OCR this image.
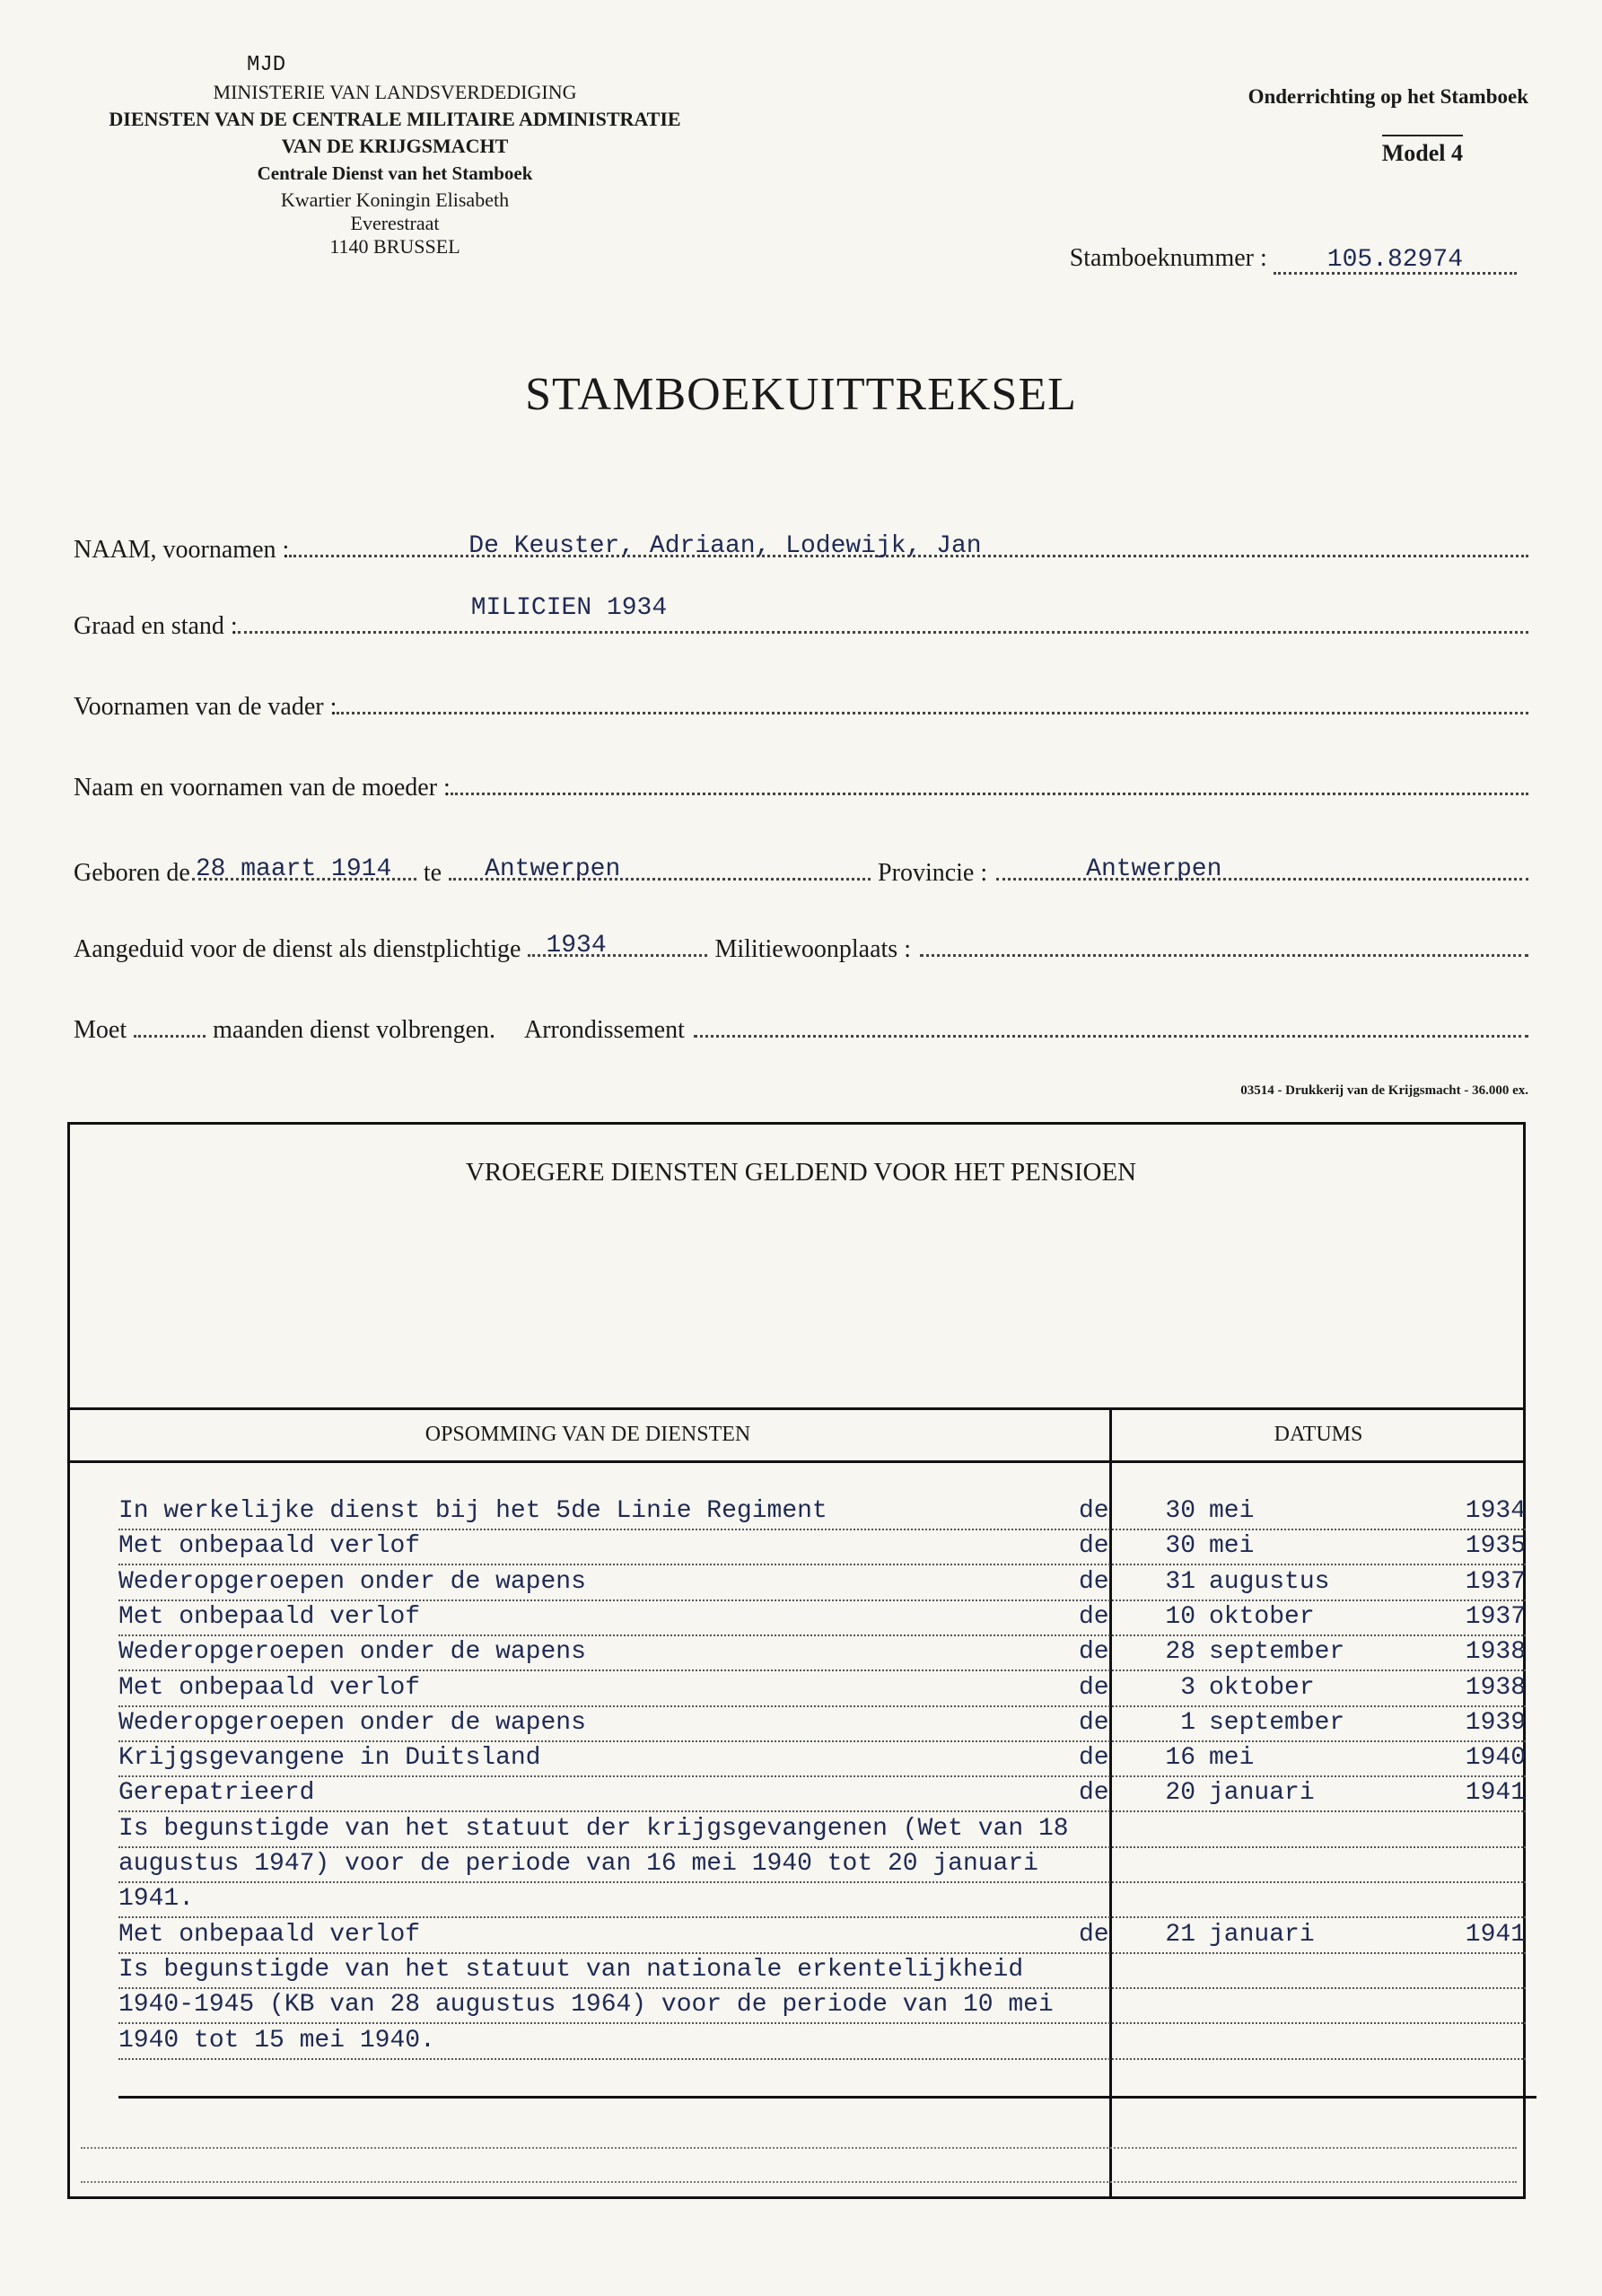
MJD
MINISTERIE VAN LANDSVERDEDIGING
DIENSTEN VAN DE CENTRALE MILITAIRE ADMINISTRATIE
VAN DE KRIJGSMACHT
Centrale Dienst van het Stamboek
Kwartier Koningin Elisabeth
Everestraat
1140 BRUSSEL
Onderrichting op het Stamboek
Model 4
Stamboeknummer : 105.82974
STAMBOEKUITTREKSEL
NAAM, voornamen :	De Keuster, Adriaan, Lodewijk, Jan
Graad en stand :
MILICIEN 1934
Voornamen van de vader :
Naam en voornamen van de moeder :
Geboren de 28 maart 1914 te Antwerpen	Provincie :	Antwerpen
Aangeduid voor de dienst als dienstplichtige 1934	Militiewoonplaats :
Moet	maanden dienst volbrengen. Arrondissement
03514 - Drukkerij van de Krijgsmacht - 36.000 ex.
VROEGERE DIENSTEN GELDEND VOOR HET PENSIOEN
OPSOMMING VAN DE DIENSTEN	DATUMS
In werkelijke dienst bij het 5de Linie Regiment	de	30 mei	1934
Met onbepaald verlof	de	30 mei	1935
Wederopgeroepen onder de wapens	de	31 augustus	1937
Met onbepaald verlof	de	10 oktober	1937
Wederopgeroepen onder de wapens	de	28 september	1938
Met onbepaald verlof	de	3 oktober	1938
Wederopgeroepen onder de wapens	de	1 september	1939
Krijgsgevangene in Duitsland	de	16 mei	1940
Gerepatrieerd	de	20 januari	1941
Is begunstigde van het statuut der krijgsgevangenen (Wet van 18
augustus 1947) voor de periode van 16 mei 1940 tot 20 januari
1941.
Met onbepaald verlof	de	21 januari	1941
Is begunstigde van het statuut van nationale erkentelijkheid
1940-1945 (KB van 28 augustus 1964) voor de periode van 10 mei
1940 tot 15 mei 1940.
